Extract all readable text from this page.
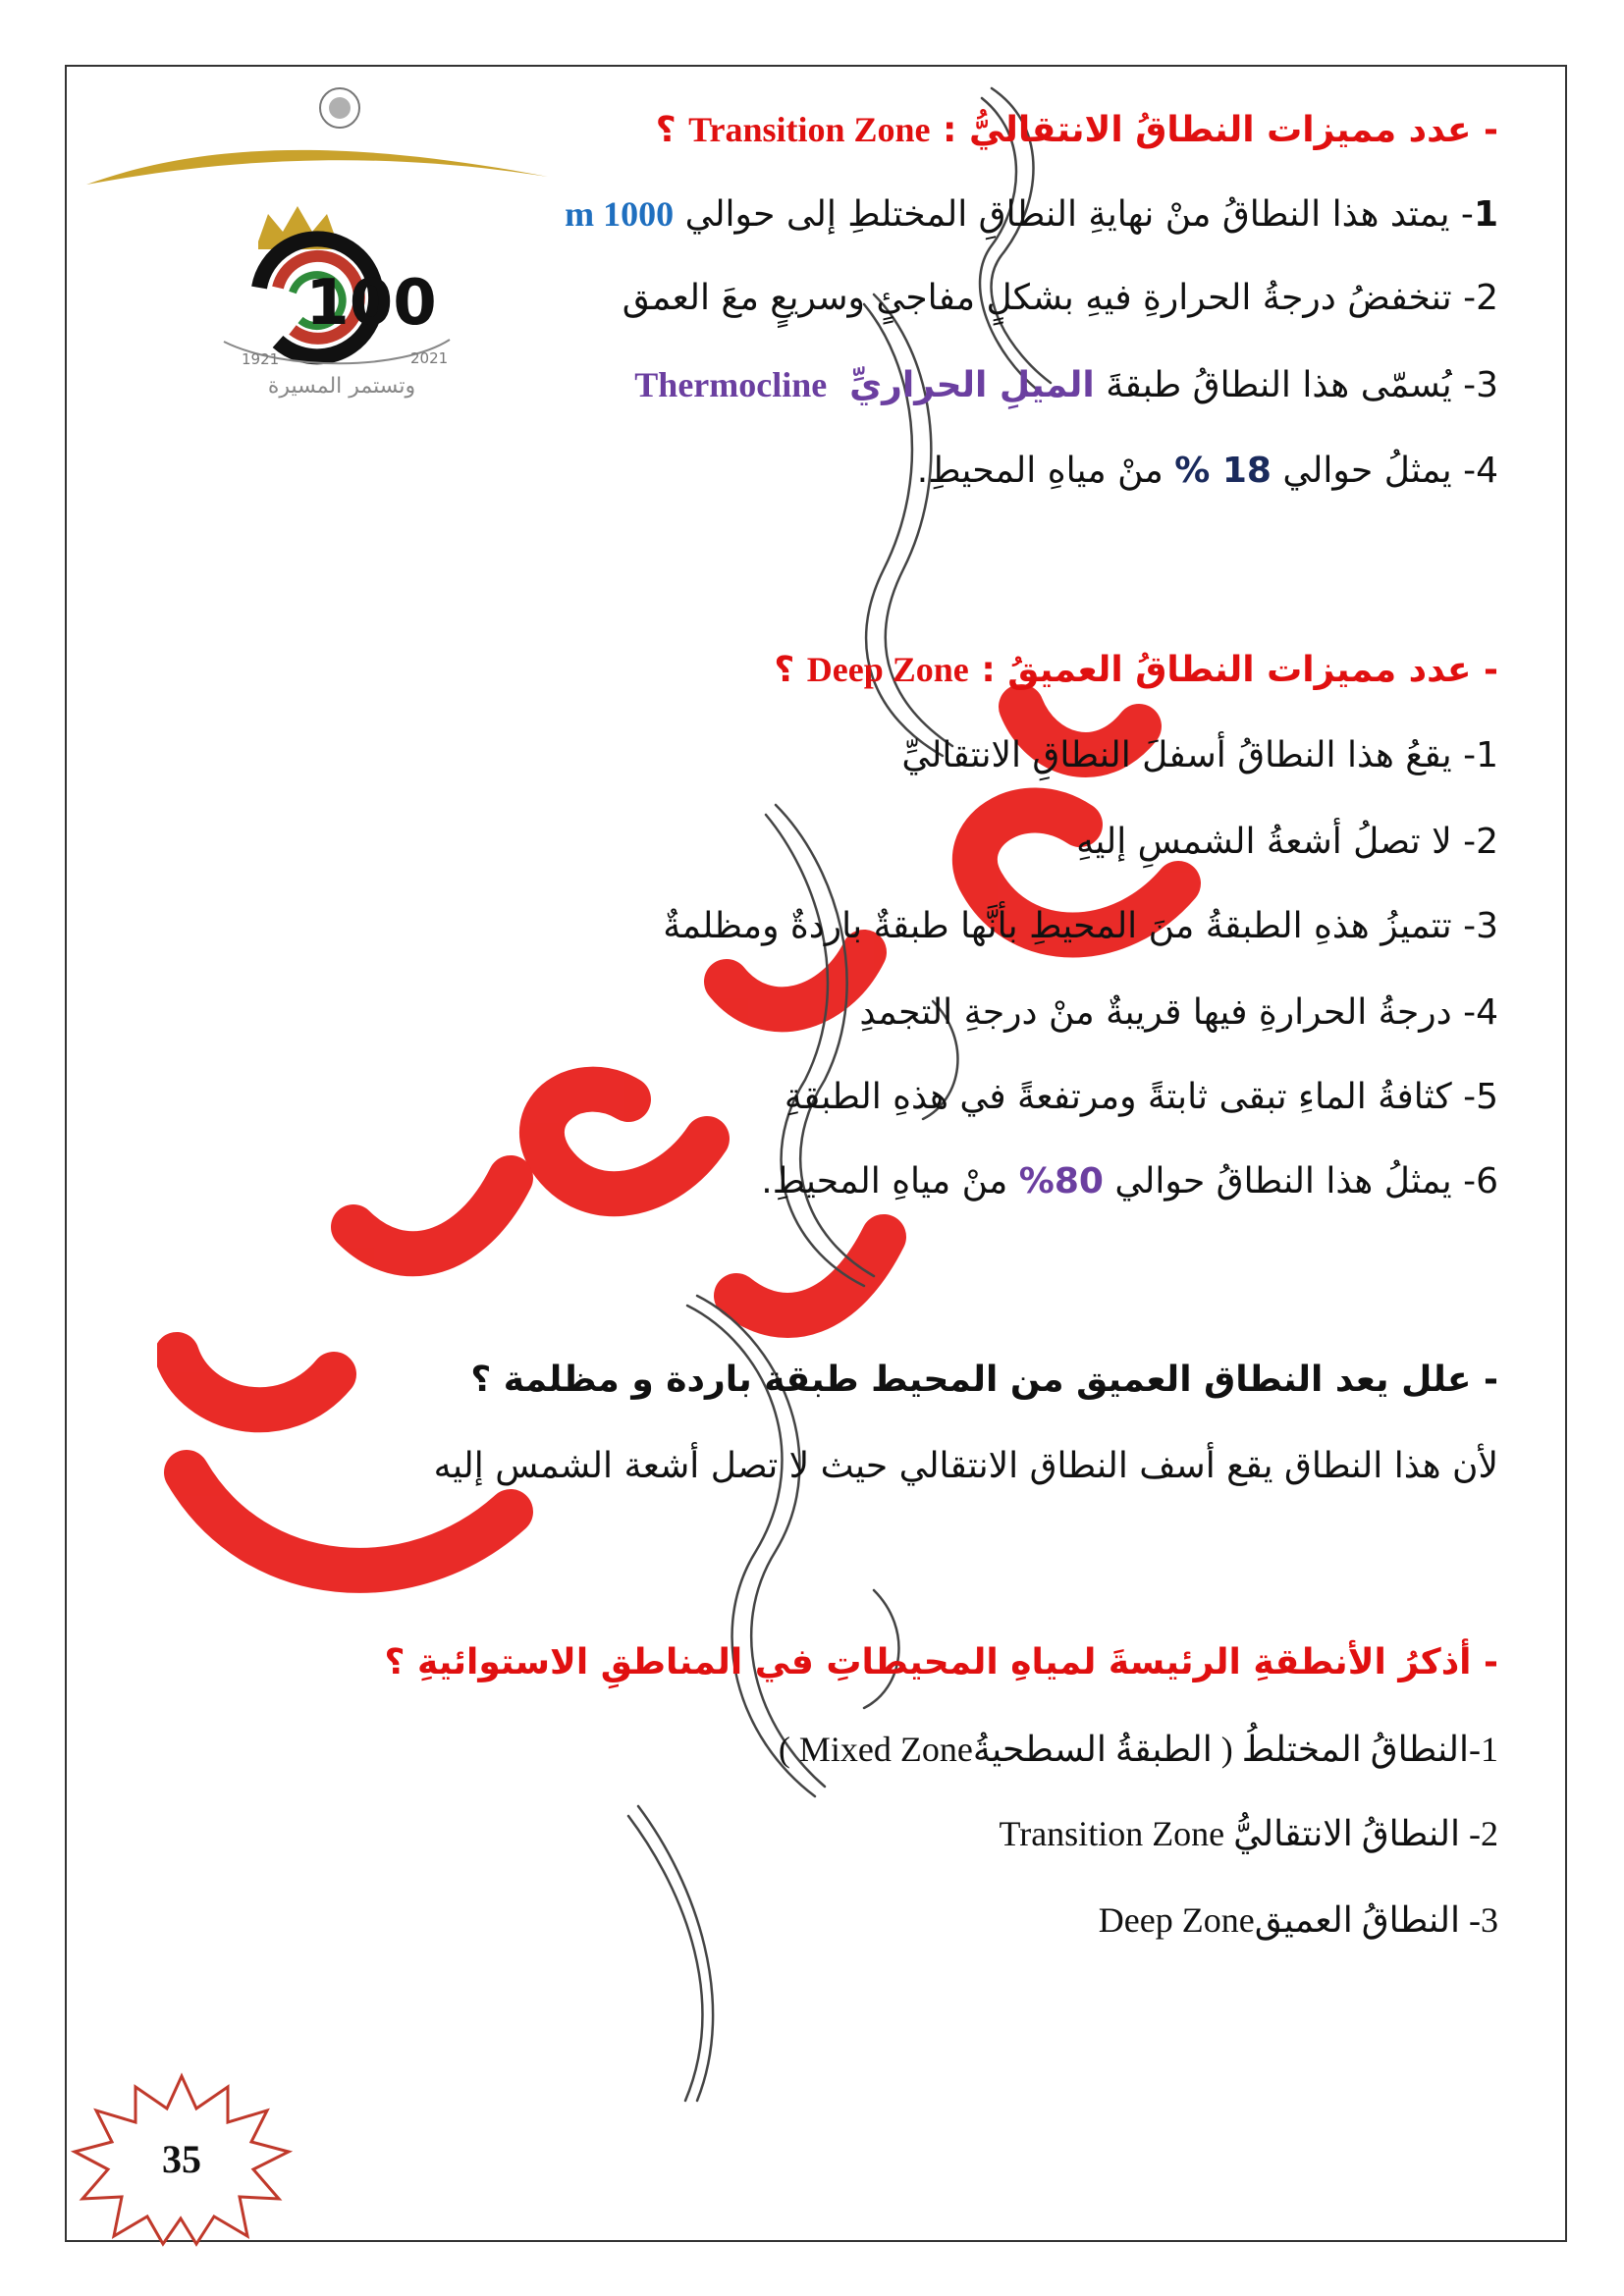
100
1921	2021
وتستمر المسيرة
- عدد مميزات النطاقُ الانتقاليُّ : Transition Zone ؟
1- يمتد هذا النطاقُ منْ نهايةِ النطاقِ المختلطِ إلى حوالي 1000 m
2- تنخفضُ درجةُ الحرارةِ فيهِ بشكلٍ مفاجئٍ وسريعٍ معَ العمق
3- يُسمّى هذا النطاقُ طبقةَ الميلِ الحراريِّ  Thermocline
4- يمثلُ حوالي 18 % منْ مياهِ المحيطِ.
- عدد مميزات النطاقُ العميقُ : Deep Zone ؟
1- يقعُ هذا النطاقُ أسفلَ النطاقِ الانتقاليِّ
2- لا تصلُ أشعةُ الشمسِ إليهِ
3- تتميزُ هذهِ الطبقةُ منَ المحيطِ بأنَّها طبقةٌ باردةٌ ومظلمةٌ
4- درجةُ الحرارةِ فيها قريبةٌ منْ درجةِ التجمدِ
5- كثافةُ الماءِ تبقى ثابتةً ومرتفعةً في هذهِ الطبقةِ
6- يمثلُ هذا النطاقُ حوالي 80% منْ مياهِ المحيطِ.
- علل يعد النطاق العميق من المحيط طبقة باردة و مظلمة ؟
لأن هذا النطاق يقع أسف النطاق الانتقالي حيث لا تصل أشعة الشمس إليه
- أذكرُ الأنطقةِ الرئيسةَ لمياهِ المحيطاتِ في المناطقِ الاستوائيةِ ؟
1-النطاقُ المختلطُ ( الطبقةُ السطحيةُMixed Zone )
2- النطاقُ الانتقاليُّ Transition Zone
3- النطاقُ العميقDeep Zone
35
